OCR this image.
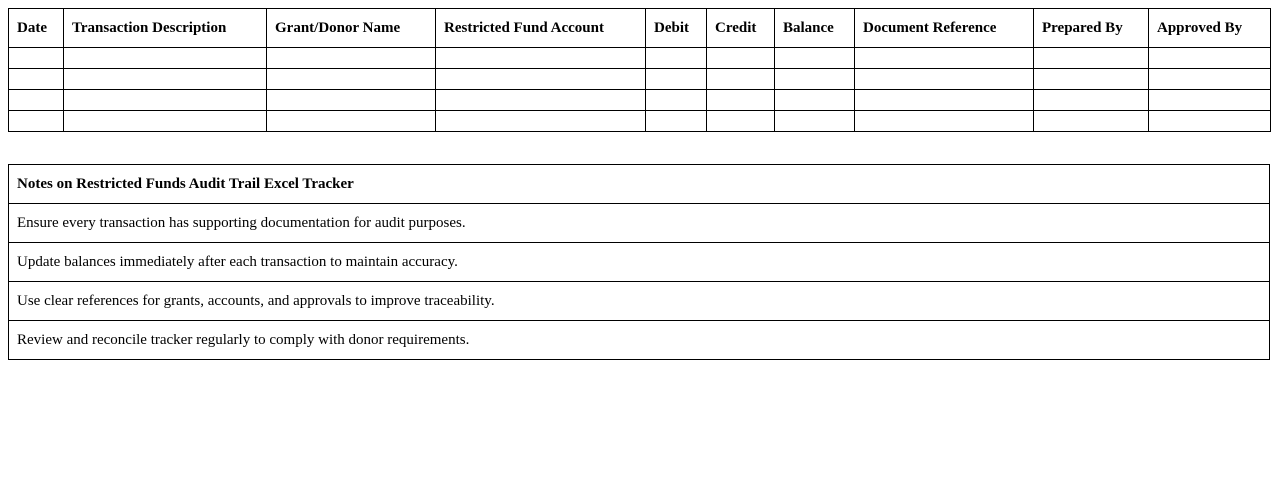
Date	Transaction Description	Grant/Donor Name	Restricted Fund Account	Debit	Credit	Balance	Document Reference	Prepared By	Approved By

Notes on Restricted Funds Audit Trail Excel Tracker
Ensure every transaction has supporting documentation for audit purposes.
Update balances immediately after each transaction to maintain accuracy.
Use clear references for grants, accounts, and approvals to improve traceability.
Review and reconcile tracker regularly to comply with donor requirements.
